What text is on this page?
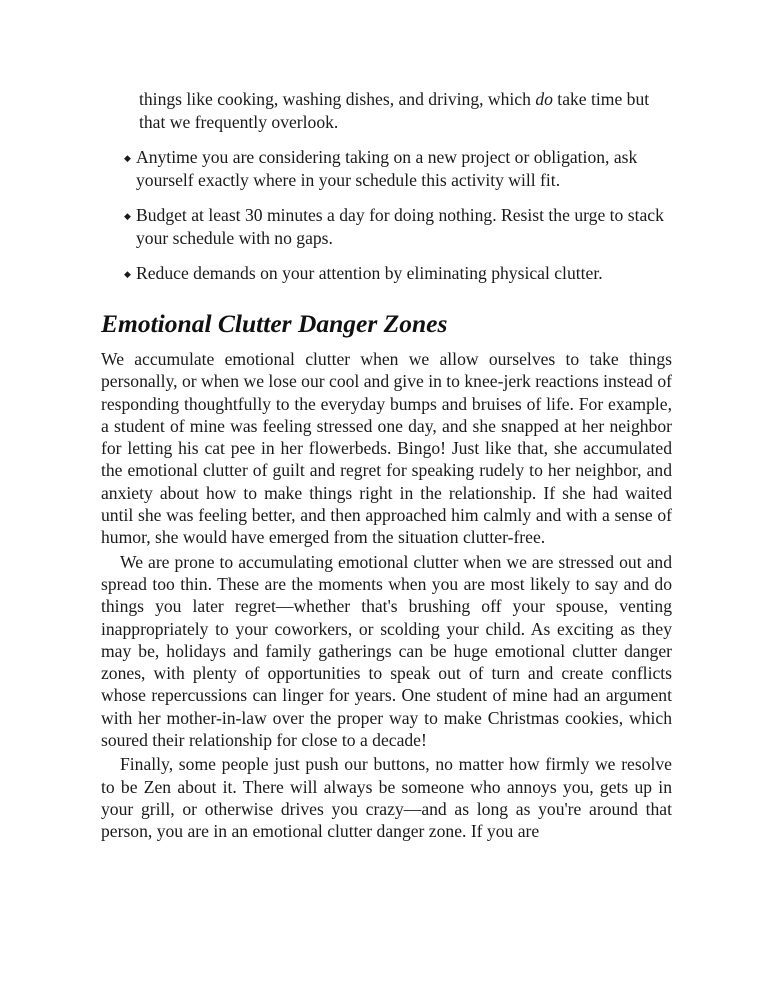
things like cooking, washing dishes, and driving, which do take time but that we frequently overlook.

◆ Anytime you are considering taking on a new project or obligation, ask yourself exactly where in your schedule this activity will fit.
◆ Budget at least 30 minutes a day for doing nothing. Resist the urge to stack your schedule with no gaps.
◆ Reduce demands on your attention by eliminating physical clutter.
Emotional Clutter Danger Zones

We accumulate emotional clutter when we allow ourselves to take things personally, or when we lose our cool and give in to knee-jerk reactions instead of responding thoughtfully to the everyday bumps and bruises of life. For example, a student of mine was feeling stressed one day, and she snapped at her neighbor for letting his cat pee in her flowerbeds. Bingo! Just like that, she accumulated the emotional clutter of guilt and regret for speaking rudely to her neighbor, and anxiety about how to make things right in the relationship. If she had waited until she was feeling better, and then approached him calmly and with a sense of humor, she would have emerged from the situation clutter-free.

We are prone to accumulating emotional clutter when we are stressed out and spread too thin. These are the moments when you are most likely to say and do things you later regret—whether that's brushing off your spouse, venting inappropriately to your coworkers, or scolding your child. As exciting as they may be, holidays and family gatherings can be huge emotional clutter danger zones, with plenty of opportunities to speak out of turn and create conflicts whose repercussions can linger for years. One student of mine had an argument with her mother-in-law over the proper way to make Christmas cookies, which soured their relationship for close to a decade!

Finally, some people just push our buttons, no matter how firmly we resolve to be Zen about it. There will always be someone who annoys you, gets up in your grill, or otherwise drives you crazy—and as long as you're around that person, you are in an emotional clutter danger zone. If you are
